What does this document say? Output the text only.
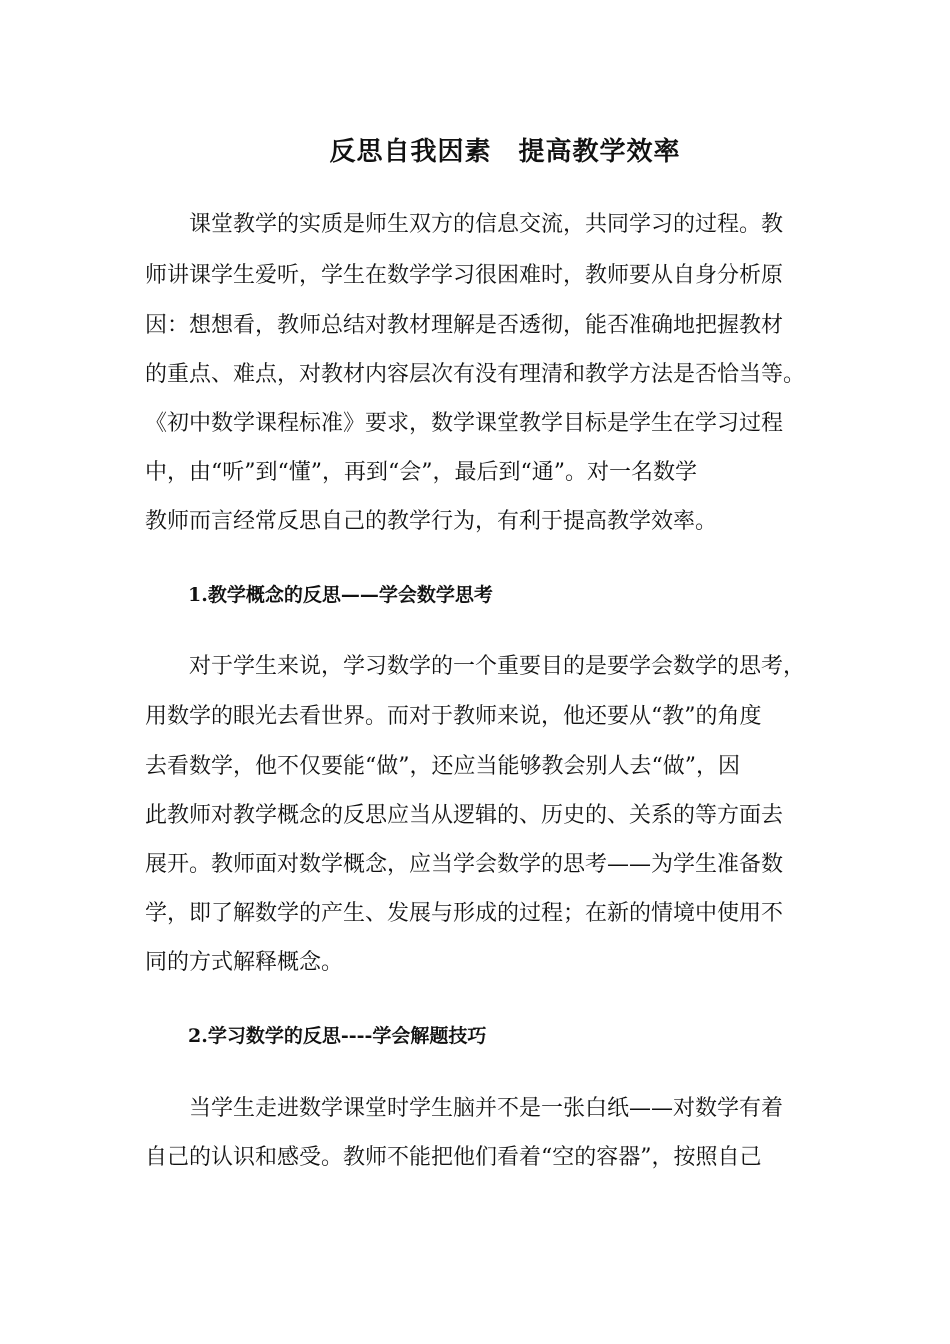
反思自我因素　提高教学效率

　　课堂教学的实质是师生双方的信息交流，共同学习的过程。教

师讲课学生爱听，学生在数学学习很困难时，教师要从自身分析原

因：想想看，教师总结对教材理解是否透彻，能否准确地把握教材

的重点、难点，对教材内容层次有没有理清和教学方法是否恰当等。

《初中数学课程标准》要求，数学课堂教学目标是学生在学习过程

中，由“听”到“懂”，再到“会”，最后到“通”。对一名数学

教师而言经常反思自己的教学行为，有利于提高教学效率。

1.教学概念的反思——学会数学思考

　　对于学生来说，学习数学的一个重要目的是要学会数学的思考，

用数学的眼光去看世界。而对于教师来说，他还要从“教”的角度

去看数学，他不仅要能“做”，还应当能够教会别人去“做”，因

此教师对教学概念的反思应当从逻辑的、历史的、关系的等方面去

展开。教师面对数学概念，应当学会数学的思考——为学生准备数

学，即了解数学的产生、发展与形成的过程；在新的情境中使用不

同的方式解释概念。

2.学习数学的反思----学会解题技巧

　　当学生走进数学课堂时学生脑并不是一张白纸——对数学有着

自己的认识和感受。教师不能把他们看着“空的容器”，按照自己
